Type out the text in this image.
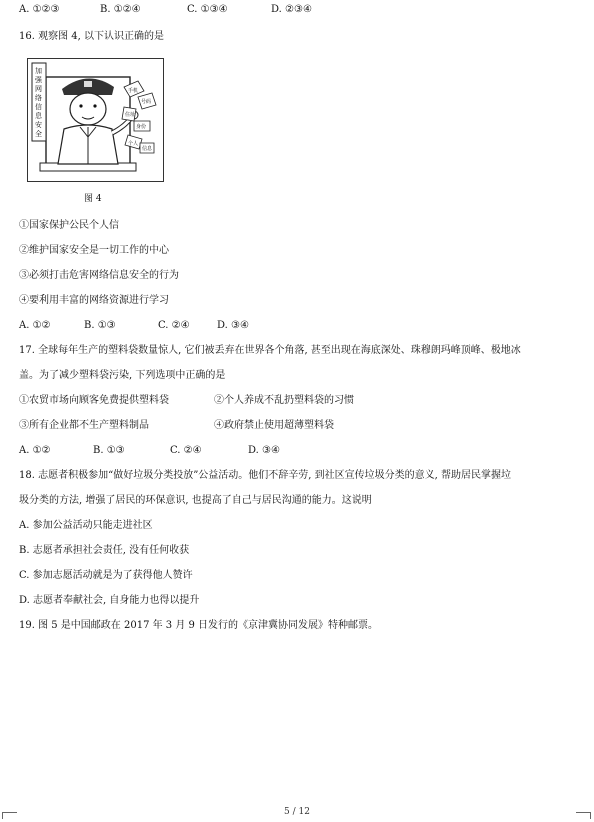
A. ①②③	B. ①②④	C. ①③④	D. ②③④
16. 观察图 4, 以下认识正确的是
加
强
网
络
信
息
安
全
手机
号码
住址
身份
个人
信息
图 4
①国家保护公民个人信
②维护国家安全是一切工作的中心
③必须打击危害网络信息安全的行为
④要利用丰富的网络资源进行学习
A. ①②	B. ①③	C. ②④	D. ③④
17. 全球每年生产的塑料袋数量惊人, 它们被丢弃在世界各个角落, 甚至出现在海底深处、珠穆朗玛峰顶峰、极地冰
盖。为了减少塑料袋污染, 下列选项中正确的是
①农贸市场向顾客免费提供塑料袋	②个人养成不乱扔塑料袋的习惯
③所有企业都不生产塑料制品	④政府禁止使用超薄塑料袋
A. ①②	B. ①③	C. ②④	D. ③④
18. 志愿者积极参加“做好垃圾分类投放”公益活动。他们不辞辛劳, 到社区宣传垃圾分类的意义, 帮助居民掌握垃
圾分类的方法, 增强了居民的环保意识, 也提高了自己与居民沟通的能力。这说明
A. 参加公益活动只能走进社区
B. 志愿者承担社会责任, 没有任何收获
C. 参加志愿活动就是为了获得他人赞许
D. 志愿者奉献社会, 自身能力也得以提升
19. 图 5 是中国邮政在 2017 年 3 月 9 日发行的《京津冀协同发展》特种邮票。
5 / 12
